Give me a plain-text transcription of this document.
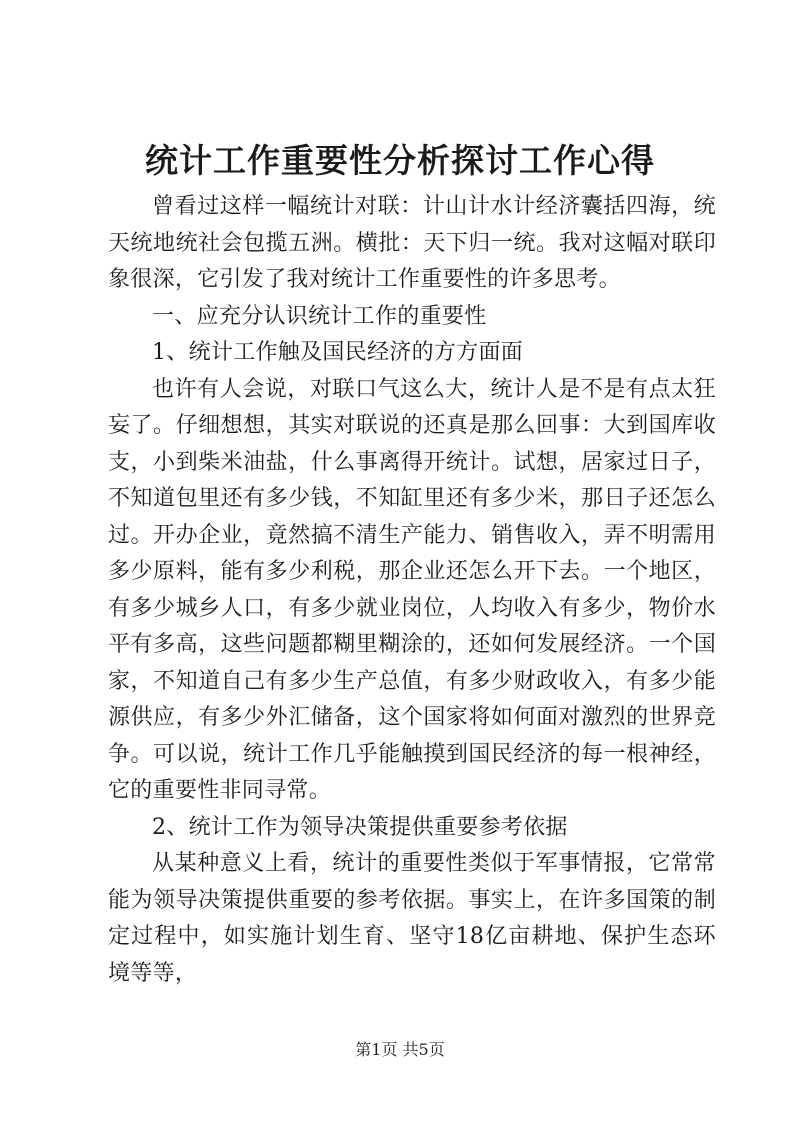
统计工作重要性分析探讨工作心得

曾看过这样一幅统计对联：计山计水计经济囊括四海，统天统地统社会包揽五洲。横批：天下归一统。我对这幅对联印象很深，它引发了我对统计工作重要性的许多思考。

一、应充分认识统计工作的重要性

1、统计工作触及国民经济的方方面面

也许有人会说，对联口气这么大，统计人是不是有点太狂妄了。仔细想想，其实对联说的还真是那么回事：大到国库收支，小到柴米油盐，什么事离得开统计。试想，居家过日子，不知道包里还有多少钱，不知缸里还有多少米，那日子还怎么过。开办企业，竟然搞不清生产能力、销售收入，弄不明需用多少原料，能有多少利税，那企业还怎么开下去。一个地区，有多少城乡人口，有多少就业岗位，人均收入有多少，物价水平有多高，这些问题都糊里糊涂的，还如何发展经济。一个国家，不知道自己有多少生产总值，有多少财政收入，有多少能源供应，有多少外汇储备，这个国家将如何面对激烈的世界竞争。可以说，统计工作几乎能触摸到国民经济的每一根神经，它的重要性非同寻常。

2、统计工作为领导决策提供重要参考依据

从某种意义上看，统计的重要性类似于军事情报，它常常能为领导决策提供重要的参考依据。事实上，在许多国策的制定过程中，如实施计划生育、坚守18亿亩耕地、保护生态环境等等，

第1页 共5页
